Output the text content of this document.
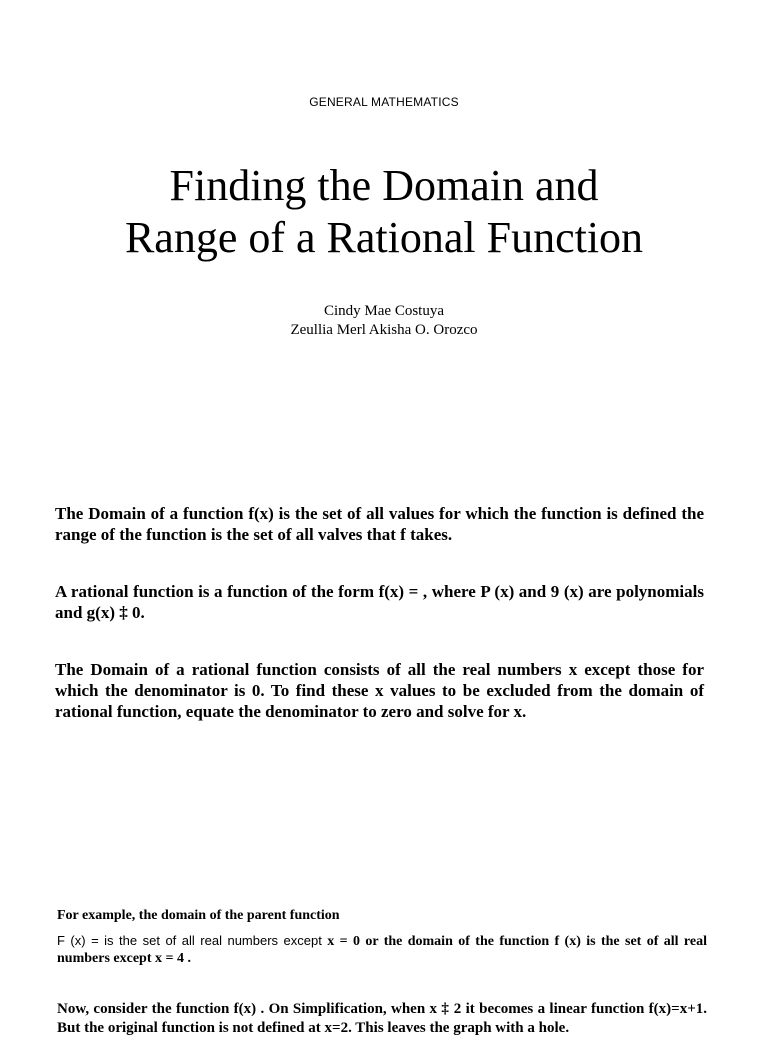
GENERAL MATHEMATICS
Finding the Domain and
Range of a Rational Function
Cindy Mae Costuya
Zeullia Merl Akisha O. Orozco

The Domain of a function f(x) is the set of all values for which the function is defined the range of the function is the set of all valves that f takes.

A rational function is a function of the form f(x) = , where P (x) and 9 (x) are polynomials and g(x) ‡ 0.

The Domain of a rational function consists of all the real numbers x except those for which the denominator is 0. To find these x values to be excluded from the domain of rational function, equate the denominator to zero and solve for x.

For example, the domain of the parent function

F (x) = is the set of all real numbers except x = 0 or the domain of the function f (x) is the set of all real numbers except x = 4 .

Now, consider the function f(x) . On Simplification, when x ‡ 2 it becomes a linear function f(x)=x+1. But the original function is not defined at x=2. This leaves the graph with a hole.
